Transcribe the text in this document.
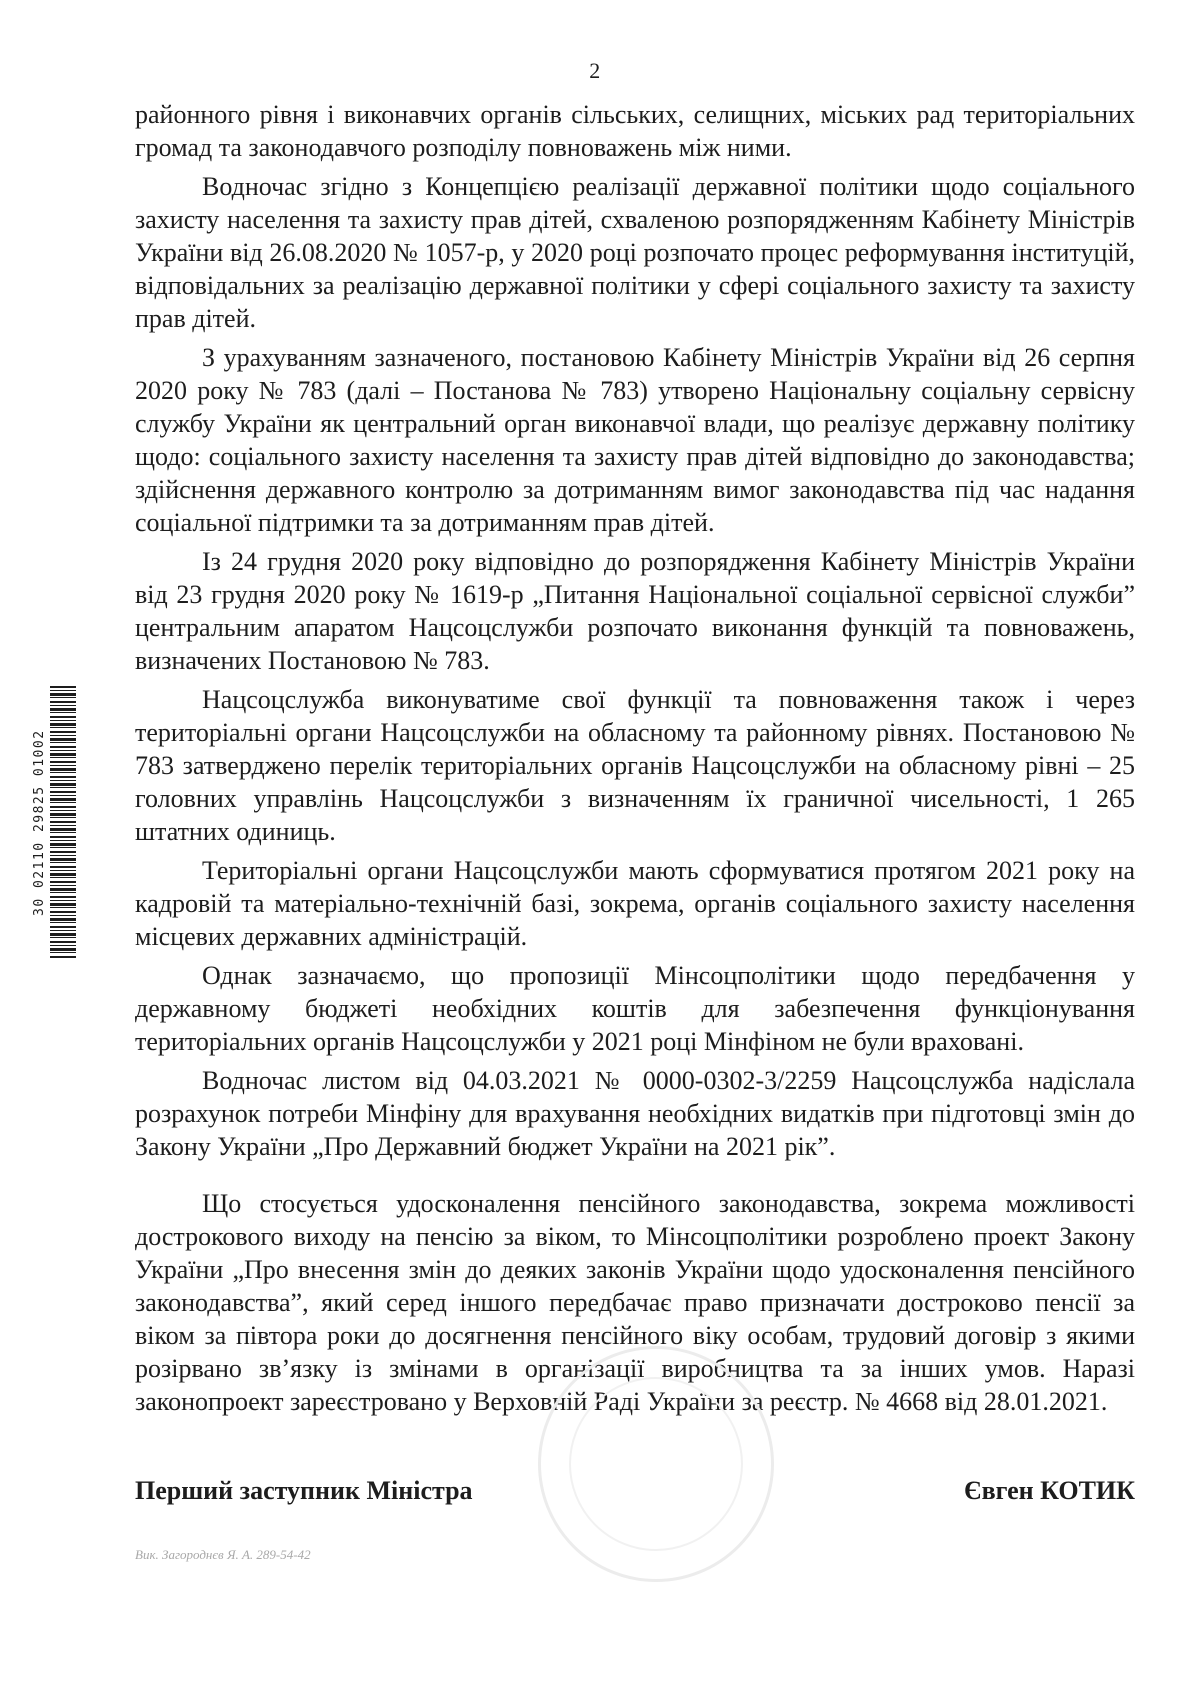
2

районного рівня і виконавчих органів сільських, селищних, міських рад територіальних громад та законодавчого розподілу повноважень між ними.

Водночас згідно з Концепцією реалізації державної політики щодо соціального захисту населення та захисту прав дітей, схваленою розпорядженням Кабінету Міністрів України від 26.08.2020 № 1057-р, у 2020 році розпочато процес реформування інституцій, відповідальних за реалізацію державної політики у сфері соціального захисту та захисту прав дітей.

З урахуванням зазначеного, постановою Кабінету Міністрів України від 26 серпня 2020 року № 783 (далі – Постанова № 783) утворено Національну соціальну сервісну службу України як центральний орган виконавчої влади, що реалізує державну політику щодо: соціального захисту населення та захисту прав дітей відповідно до законодавства; здійснення державного контролю за дотриманням вимог законодавства під час надання соціальної підтримки та за дотриманням прав дітей.

Із 24 грудня 2020 року відповідно до розпорядження Кабінету Міністрів України від 23 грудня 2020 року № 1619-р „Питання Національної соціальної сервісної служби” центральним апаратом Нацсоцслужби розпочато виконання функцій та повноважень, визначених Постановою № 783.

Нацсоцслужба виконуватиме свої функції та повноваження також і через територіальні органи Нацсоцслужби на обласному та районному рівнях. Постановою № 783 затверджено перелік територіальних органів Нацсоцслужби на обласному рівні – 25 головних управлінь Нацсоцслужби з визначенням їх граничної чисельності, 1 265 штатних одиниць.

Територіальні органи Нацсоцслужби мають сформуватися протягом 2021 року на кадровій та матеріально-технічній базі, зокрема, органів соціального захисту населення місцевих державних адміністрацій.

Однак зазначаємо, що пропозиції Мінсоцполітики щодо передбачення у державному бюджеті необхідних коштів для забезпечення функціонування територіальних органів Нацсоцслужби у 2021 році Мінфіном не були враховані.

Водночас листом від 04.03.2021 № 0000-0302-3/2259 Нацсоцслужба надіслала розрахунок потреби Мінфіну для врахування необхідних видатків при підготовці змін до Закону України „Про Державний бюджет України на 2021 рік”.

Що стосується удосконалення пенсійного законодавства, зокрема можливості дострокового виходу на пенсію за віком, то Мінсоцполітики розроблено проект Закону України „Про внесення змін до деяких законів України щодо удосконалення пенсійного законодавства”, який серед іншого передбачає право призначати достроково пенсії за віком за півтора роки до досягнення пенсійного віку особам, трудовий договір з якими розірвано зв’язку із змінами в організації виробництва та за інших умов. Наразі законопроект зареєстровано у Верховній Раді України за реєстр. № 4668 від 28.01.2021.

Перший заступник Міністра	Євген КОТИК
Вик. Загороднєв Я. А. 289-54-42
30 02110 29825 01002
